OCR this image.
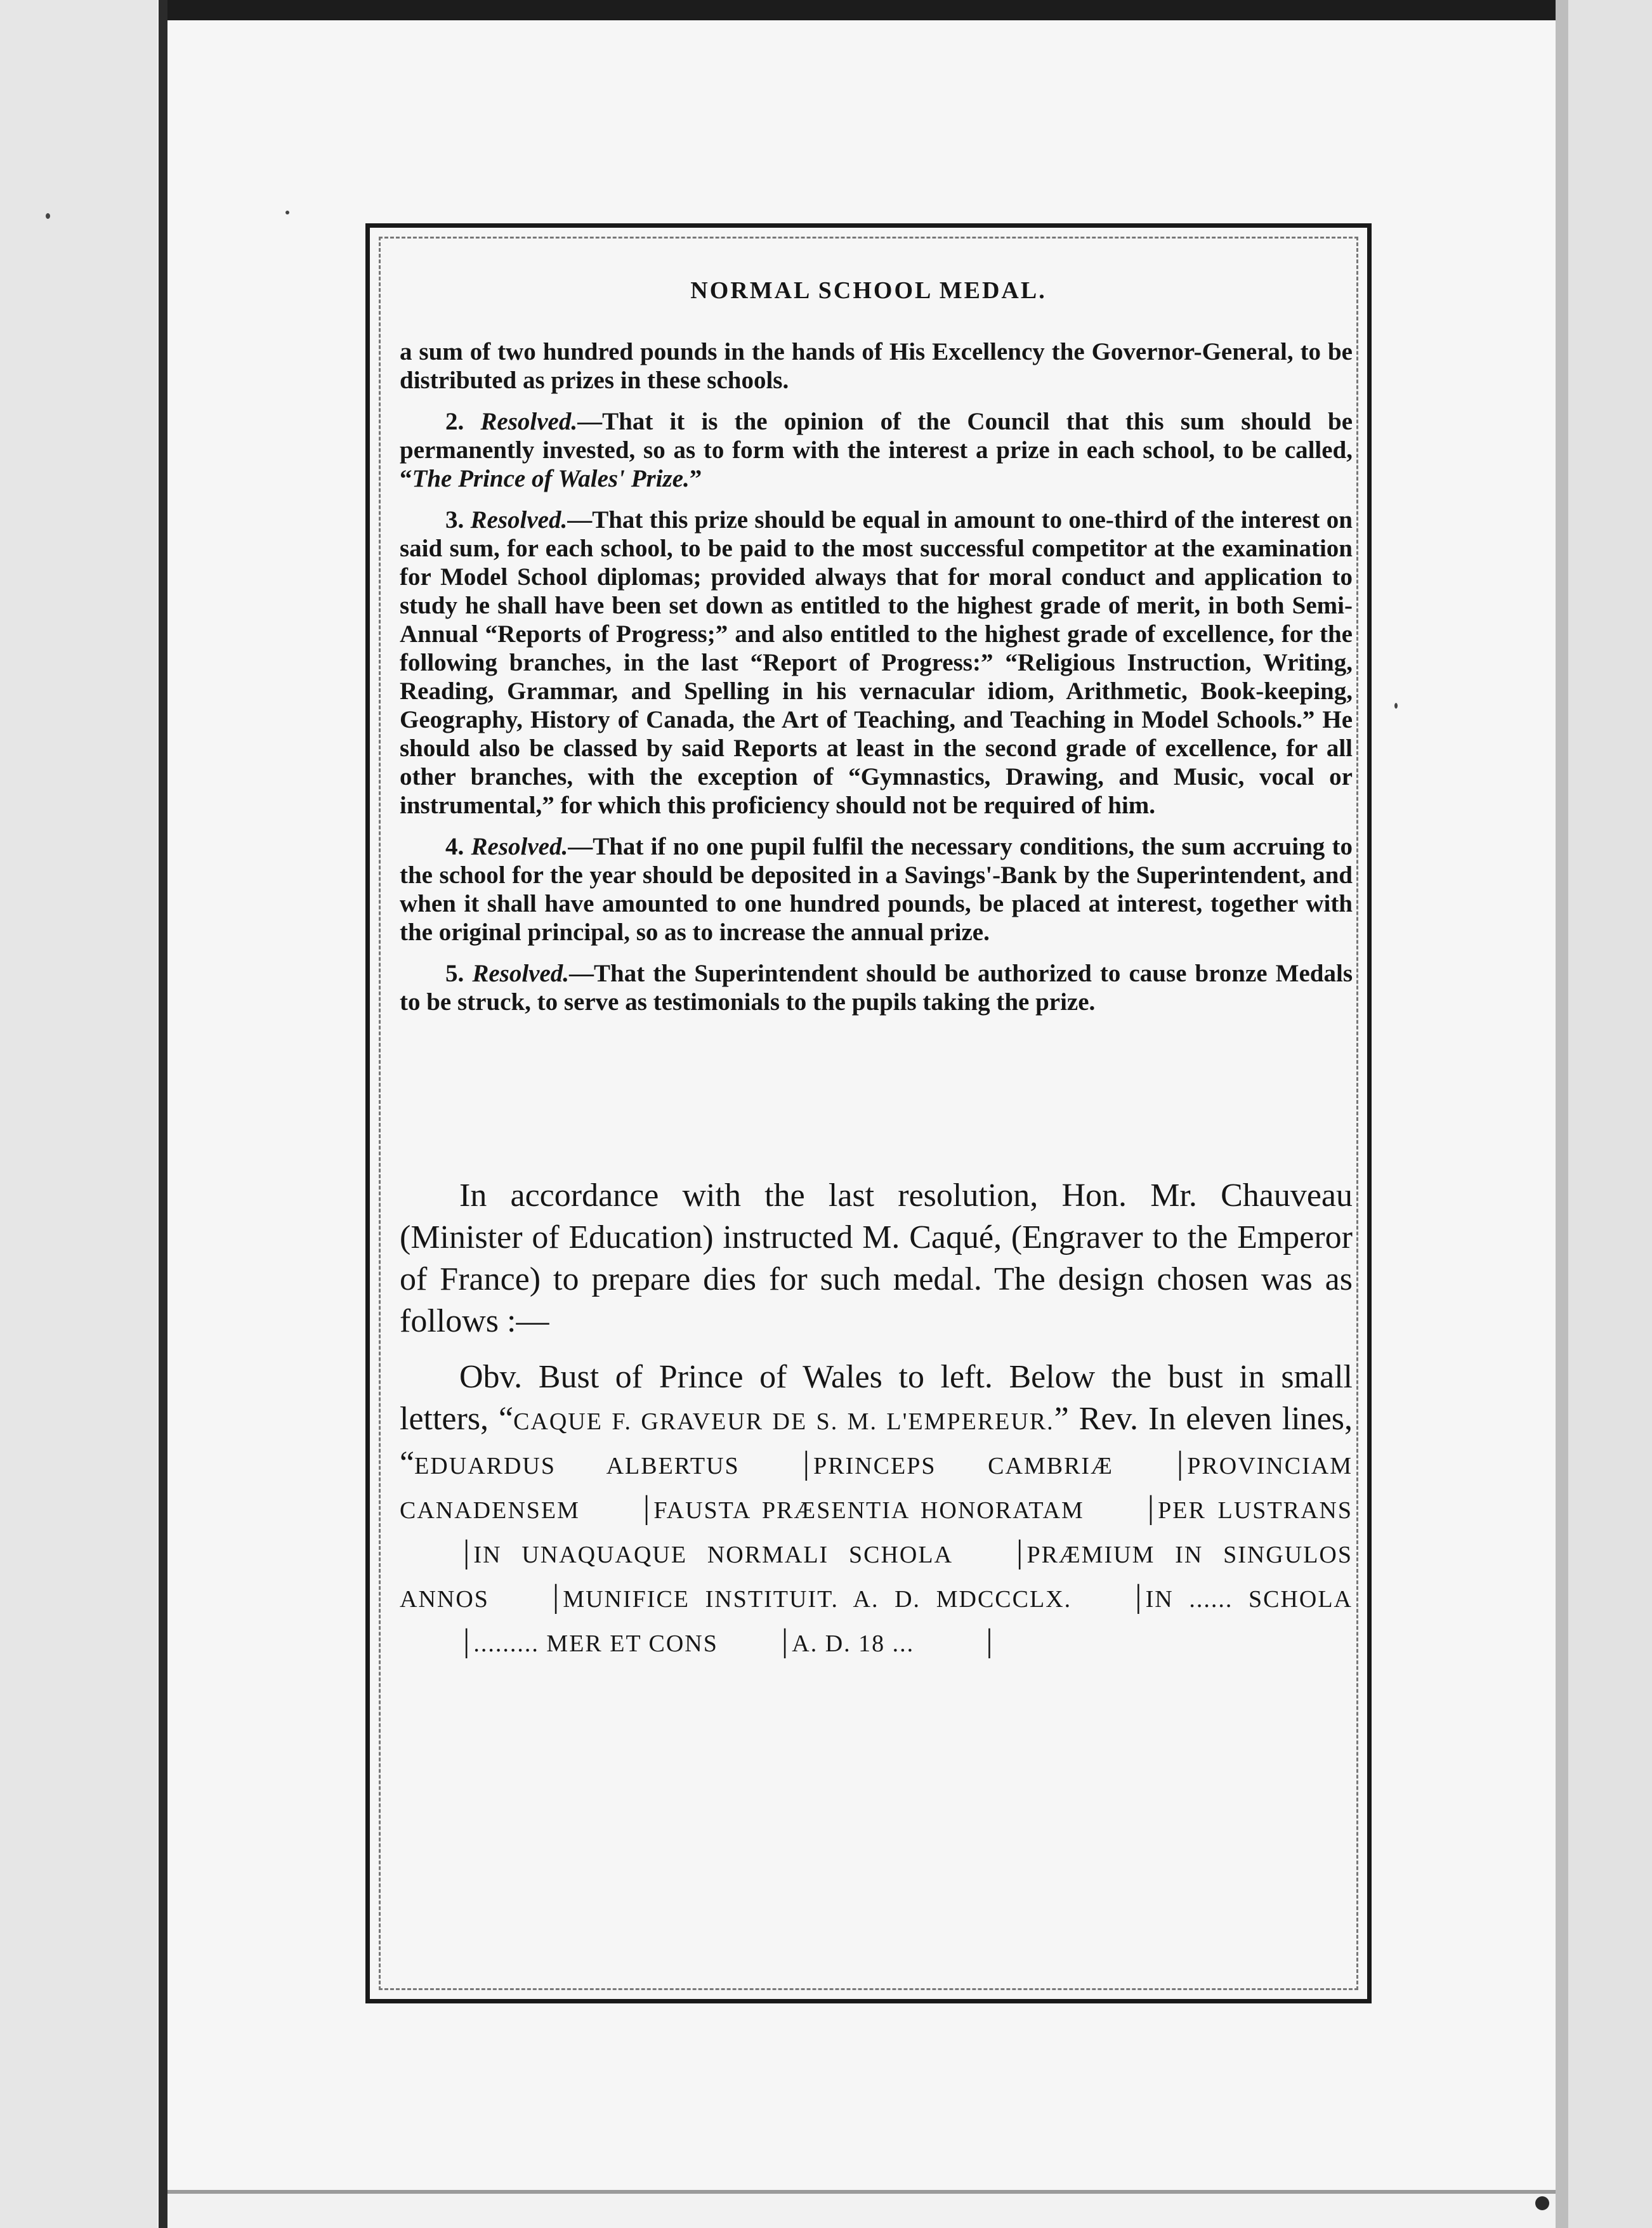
NORMAL SCHOOL MEDAL.

a sum of two hundred pounds in the hands of His Excellency the Governor-General, to be distributed as prizes in these schools.

2. Resolved.—That it is the opinion of the Council that this sum should be permanently invested, so as to form with the interest a prize in each school, to be called, “The Prince of Wales' Prize.”

3. Resolved.—That this prize should be equal in amount to one-third of the interest on said sum, for each school, to be paid to the most successful competitor at the examination for Model School diplomas; provided always that for moral conduct and application to study he shall have been set down as entitled to the highest grade of merit, in both Semi-Annual “Reports of Progress;” and also entitled to the highest grade of excellence, for the following branches, in the last “Report of Progress:” “Religious Instruction, Writing, Reading, Grammar, and Spelling in his vernacular idiom, Arithmetic, Book-keeping, Geography, History of Canada, the Art of Teaching, and Teaching in Model Schools.” He should also be classed by said Reports at least in the second grade of excellence, for all other branches, with the exception of “Gymnastics, Drawing, and Music, vocal or instrumental,” for which this proficiency should not be required of him.

4. Resolved.—That if no one pupil fulfil the necessary conditions, the sum accruing to the school for the year should be deposited in a Savings'-Bank by the Superintendent, and when it shall have amounted to one hundred pounds, be placed at interest, together with the original principal, so as to increase the annual prize.

5. Resolved.—That the Superintendent should be authorized to cause bronze Medals to be struck, to serve as testimonials to the pupils taking the prize.

In accordance with the last resolution, Hon. Mr. Chauveau (Minister of Education) instructed M. Caqué, (Engraver to the Emperor of France) to prepare dies for such medal. The design chosen was as follows :—

Obv. Bust of Prince of Wales to left. Below the bust in small letters, “CAQUE F. GRAVEUR DE S. M. L'EMPEREUR.” Rev. In eleven lines, “EDUARDUS ALBERTUS | PRINCEPS CAMBRIÆ | PROVINCIAM CANADENSEM | FAUSTA PRÆSENTIA HONORATAM | PER LUSTRANS| IN UNAQUAQUE NORMALI SCHOLA | PRÆMIUM IN SINGULOS ANNOS | MUNIFICE INSTITUIT. A. D. MDCCCLX. | IN ...... SCHOLA| ......... MER ET CONS | A. D. 18 ... |
